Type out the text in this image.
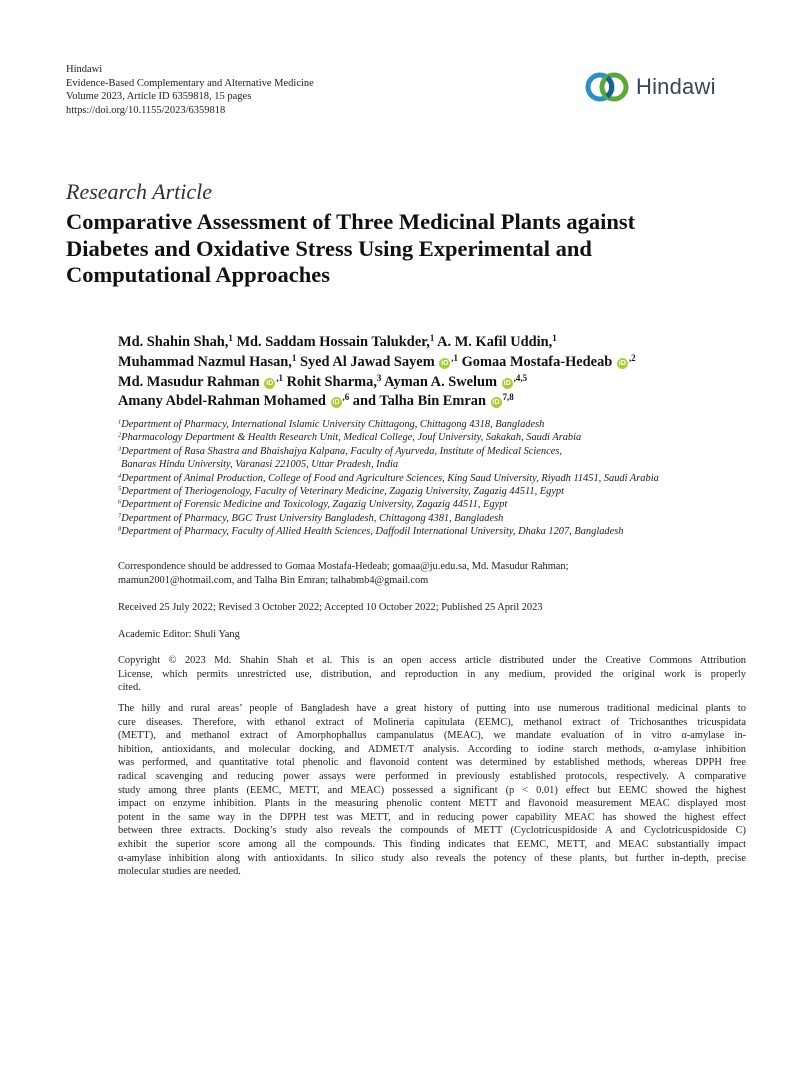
Hindawi
Evidence-Based Complementary and Alternative Medicine
Volume 2023, Article ID 6359818, 15 pages
https://doi.org/10.1155/2023/6359818
Hindawi
Research Article
Comparative Assessment of Three Medicinal Plants against
Diabetes and Oxidative Stress Using Experimental and
Computational Approaches
Md. Shahin Shah,$^1$ Md. Saddam Hossain Talukder,$^1$ A. M. Kafil Uddin,$^1$
Muhammad Nazmul Hasan,$^1$ Syed Al Jawad Sayem $iD^{,1}$ Gomaa Mostafa-Hedeab $iD^{,2}$
Md. Masudur Rahman $iD^{,1}$ Rohit Sharma,$^3$ Ayman A. Swelum $iD^{,4,5}$
Amany Abdel-Rahman Mohamed $iD^{,6}$ and Talha Bin Emran iD$^{7,8}$
$^1$Department of Pharmacy, International Islamic University Chittagong, Chittagong 4318, Bangladesh
$^2$Pharmacology Department & Health Research Unit, Medical College, Jouf University, Sakakah, Saudi Arabia
$^3$Department of Rasa Shastra and Bhaishajya Kalpana, Faculty of Ayurveda, Institute of Medical Sciences,
Banaras Hindu University, Varanasi 221005, Uttar Pradesh, India
$^4$Department of Animal Production, College of Food and Agriculture Sciences, King Saud University, Riyadh 11451, Saudi Arabia
$^5$Department of Theriogenology, Faculty of Veterinary Medicine, Zagazig University, Zagazig 44511, Egypt
$^6$Department of Forensic Medicine and Toxicology, Zagazig University, Zagazig 44511, Egypt
$^7$Department of Pharmacy, BGC Trust University Bangladesh, Chittagong 4381, Bangladesh
$^8$Department of Pharmacy, Faculty of Allied Health Sciences, Daffodil International University, Dhaka 1207, Bangladesh
Correspondence should be addressed to Gomaa Mostafa-Hedeab; gomaa@ju.edu.sa, Md. Masudur Rahman;
mamun2001@hotmail.com, and Talha Bin Emran; talhabmb4@gmail.com
Received 25 July 2022; Revised 3 October 2022; Accepted 10 October 2022; Published 25 April 2023
Academic Editor: Shuli Yang
Copyright © 2023 Md. Shahin Shah et al. This is an open access article distributed under the Creative Commons Attribution
License, which permits unrestricted use, distribution, and reproduction in any medium, provided the original work is properly
cited.
The hilly and rural areas’ people of Bangladesh have a great history of putting into use numerous traditional medicinal plants to
cure diseases. Therefore, with ethanol extract of Molineria capitulata (EEMC), methanol extract of Trichosanthes tricuspidata
(METT), and methanol extract of Amorphophallus campanulatus (MEAC), we mandate evaluation of in vitro α-amylase in-
hibition, antioxidants, and molecular docking, and ADMET/T analysis. According to iodine starch methods, α-amylase inhibition
was performed, and quantitative total phenolic and flavonoid content was determined by established methods, whereas DPPH free
radical scavenging and reducing power assays were performed in previously established protocols, respectively. A comparative
study among three plants (EEMC, METT, and MEAC) possessed a significant (p < 0.01) effect but EEMC showed the highest
impact on enzyme inhibition. Plants in the measuring phenolic content METT and flavonoid measurement MEAC displayed most
potent in the same way in the DPPH test was METT, and in reducing power capability MEAC has showed the highest effect
between three extracts. Docking’s study also reveals the compounds of METT (Cyclotricuspidoside A and Cyclotricuspidoside C)
exhibit the superior score among all the compounds. This finding indicates that EEMC, METT, and MEAC substantially impact
α-amylase inhibition along with antioxidants. In silico study also reveals the potency of these plants, but further in-depth, precise
molecular studies are needed.
